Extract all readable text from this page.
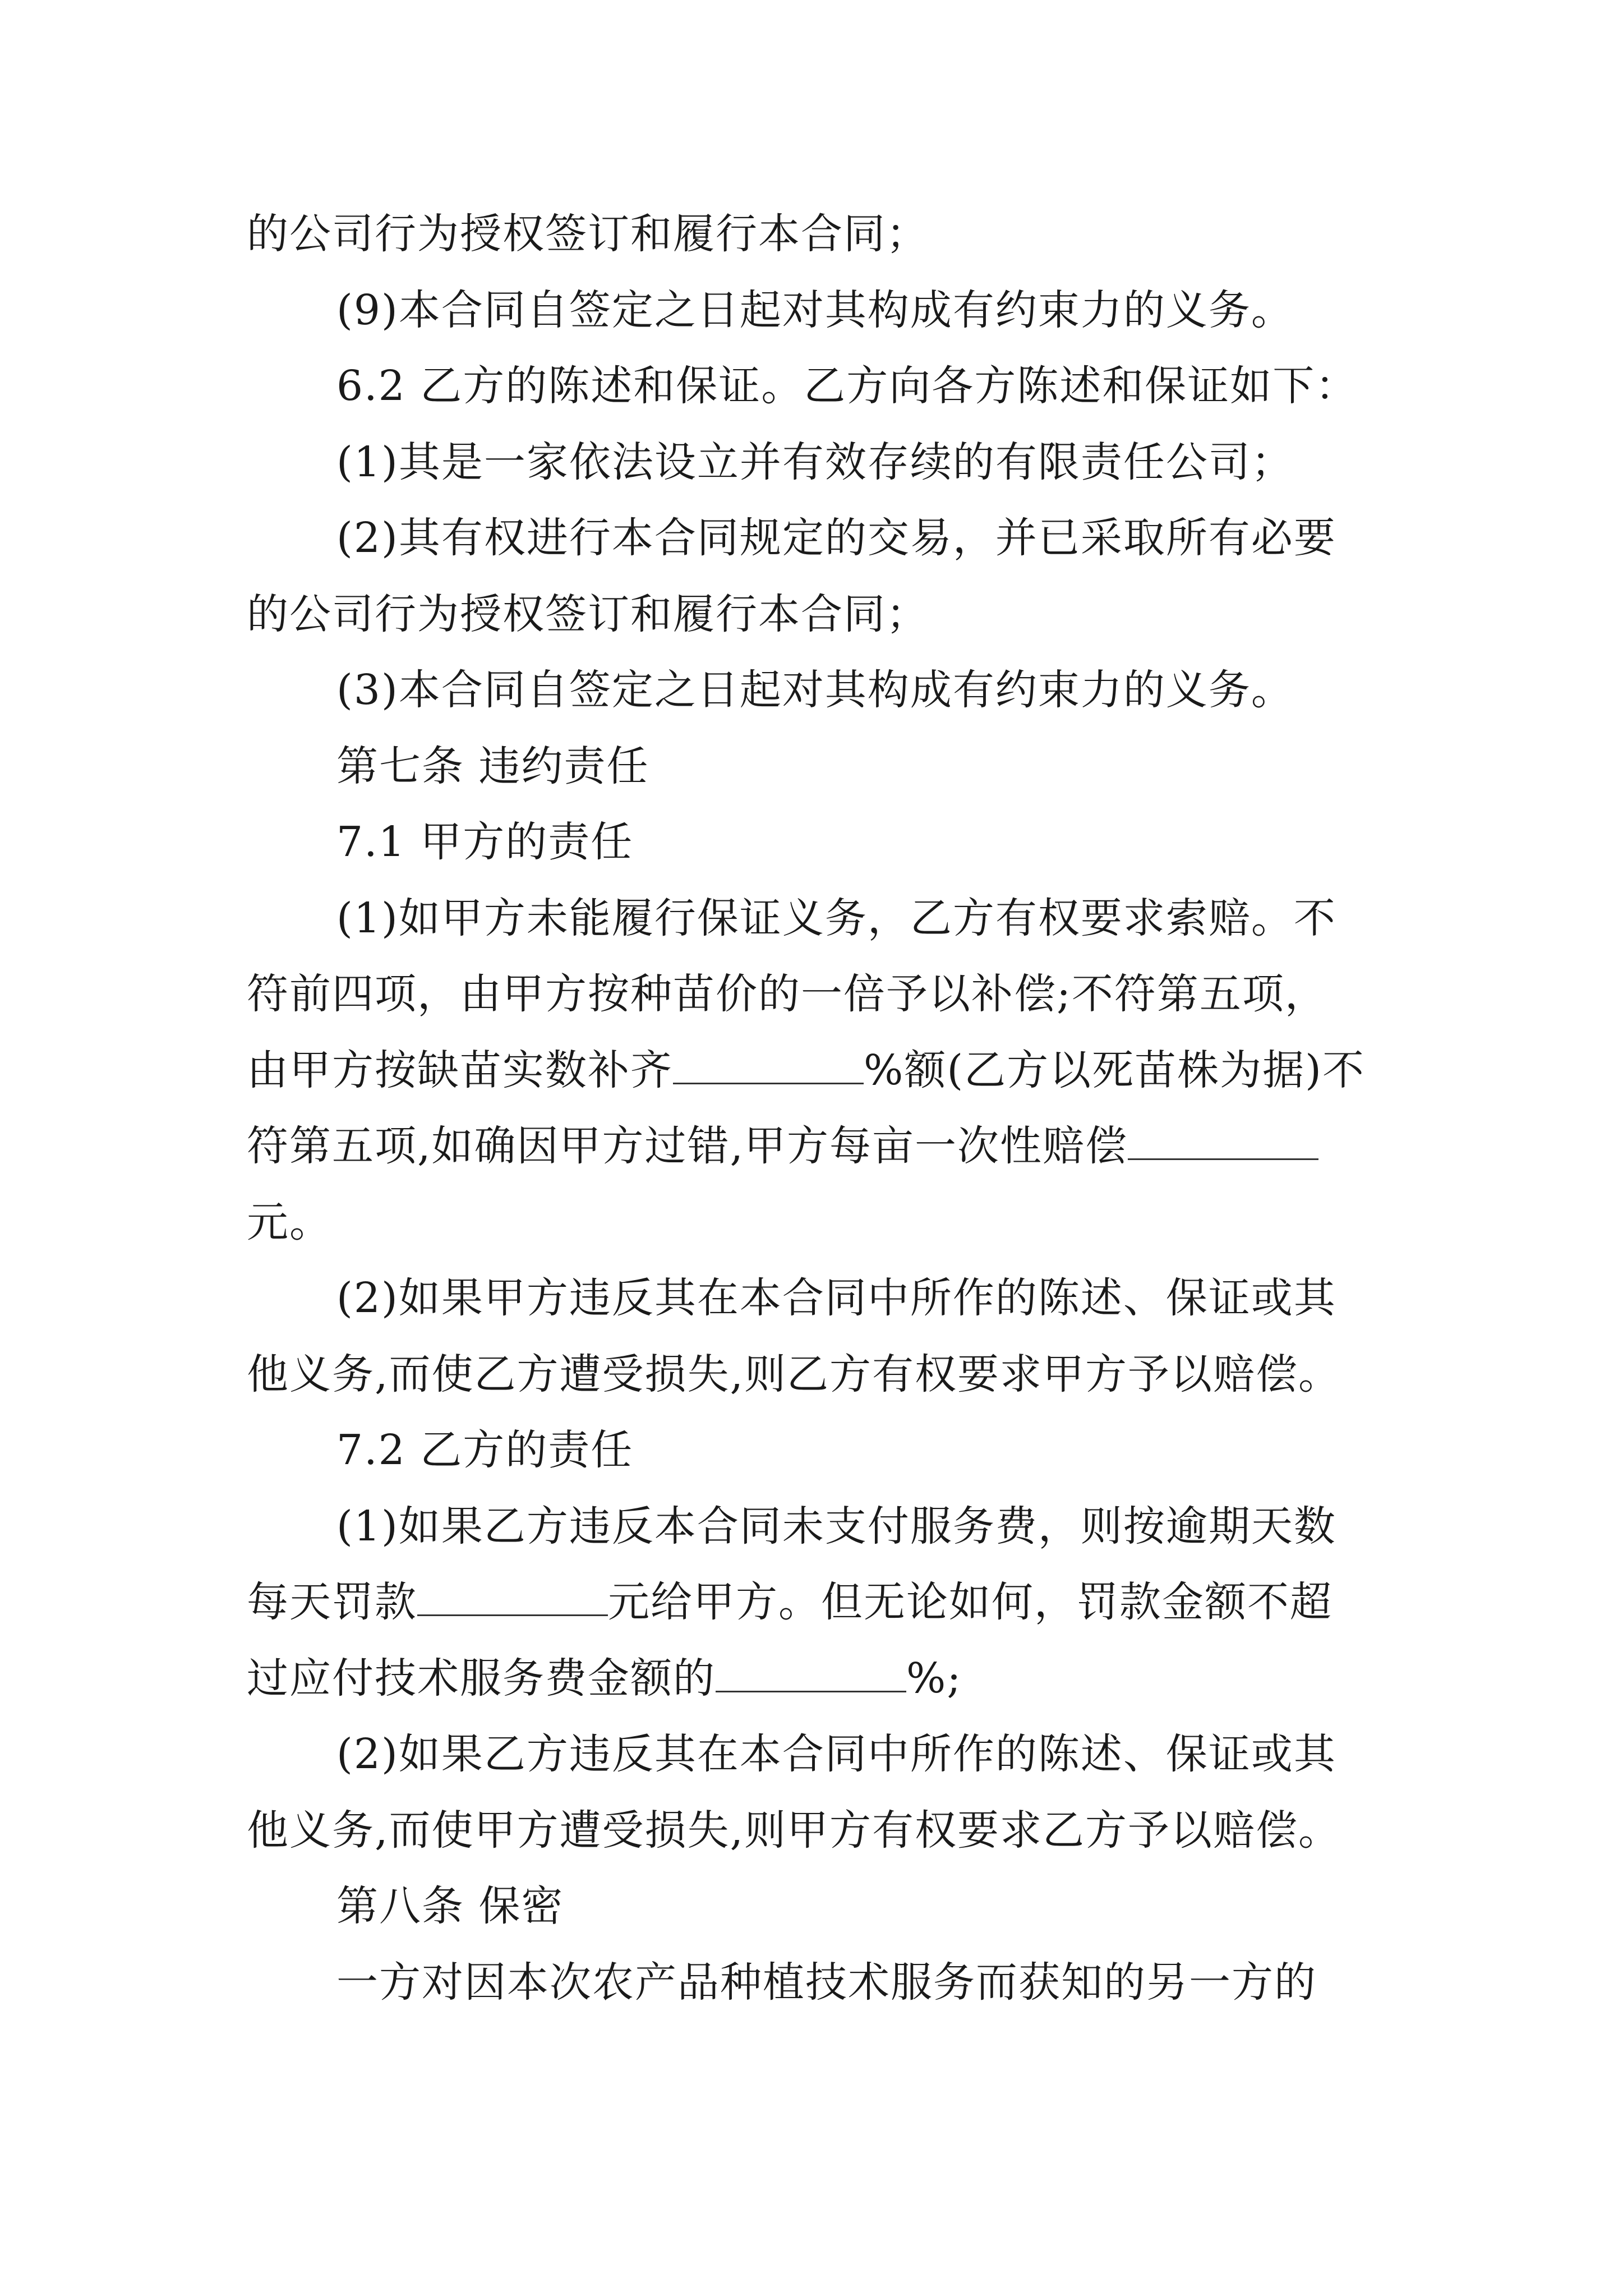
的公司行为授权签订和履行本合同；
(9)本合同自签定之日起对其构成有约束力的义务。
6.2 乙方的陈述和保证。乙方向各方陈述和保证如下：
(1)其是一家依法设立并有效存续的有限责任公司；
(2)其有权进行本合同规定的交易，并已采取所有必要
的公司行为授权签订和履行本合同；
(3)本合同自签定之日起对其构成有约束力的义务。
第七条 违约责任
7.1 甲方的责任
(1)如甲方未能履行保证义务，乙方有权要求索赔。不
符前四项，由甲方按种苗价的一倍予以补偿;不符第五项，
由甲方按缺苗实数补齐	%额(乙方以死苗株为据)不
符第五项,如确因甲方过错,甲方每亩一次性赔偿
元。
(2)如果甲方违反其在本合同中所作的陈述、保证或其
他义务,而使乙方遭受损失,则乙方有权要求甲方予以赔偿。
7.2 乙方的责任
(1)如果乙方违反本合同未支付服务费，则按逾期天数
每天罚款	元给甲方。但无论如何，罚款金额不超
过应付技术服务费金额的	%;
(2)如果乙方违反其在本合同中所作的陈述、保证或其
他义务,而使甲方遭受损失,则甲方有权要求乙方予以赔偿。
第八条 保密
一方对因本次农产品种植技术服务而获知的另一方的
